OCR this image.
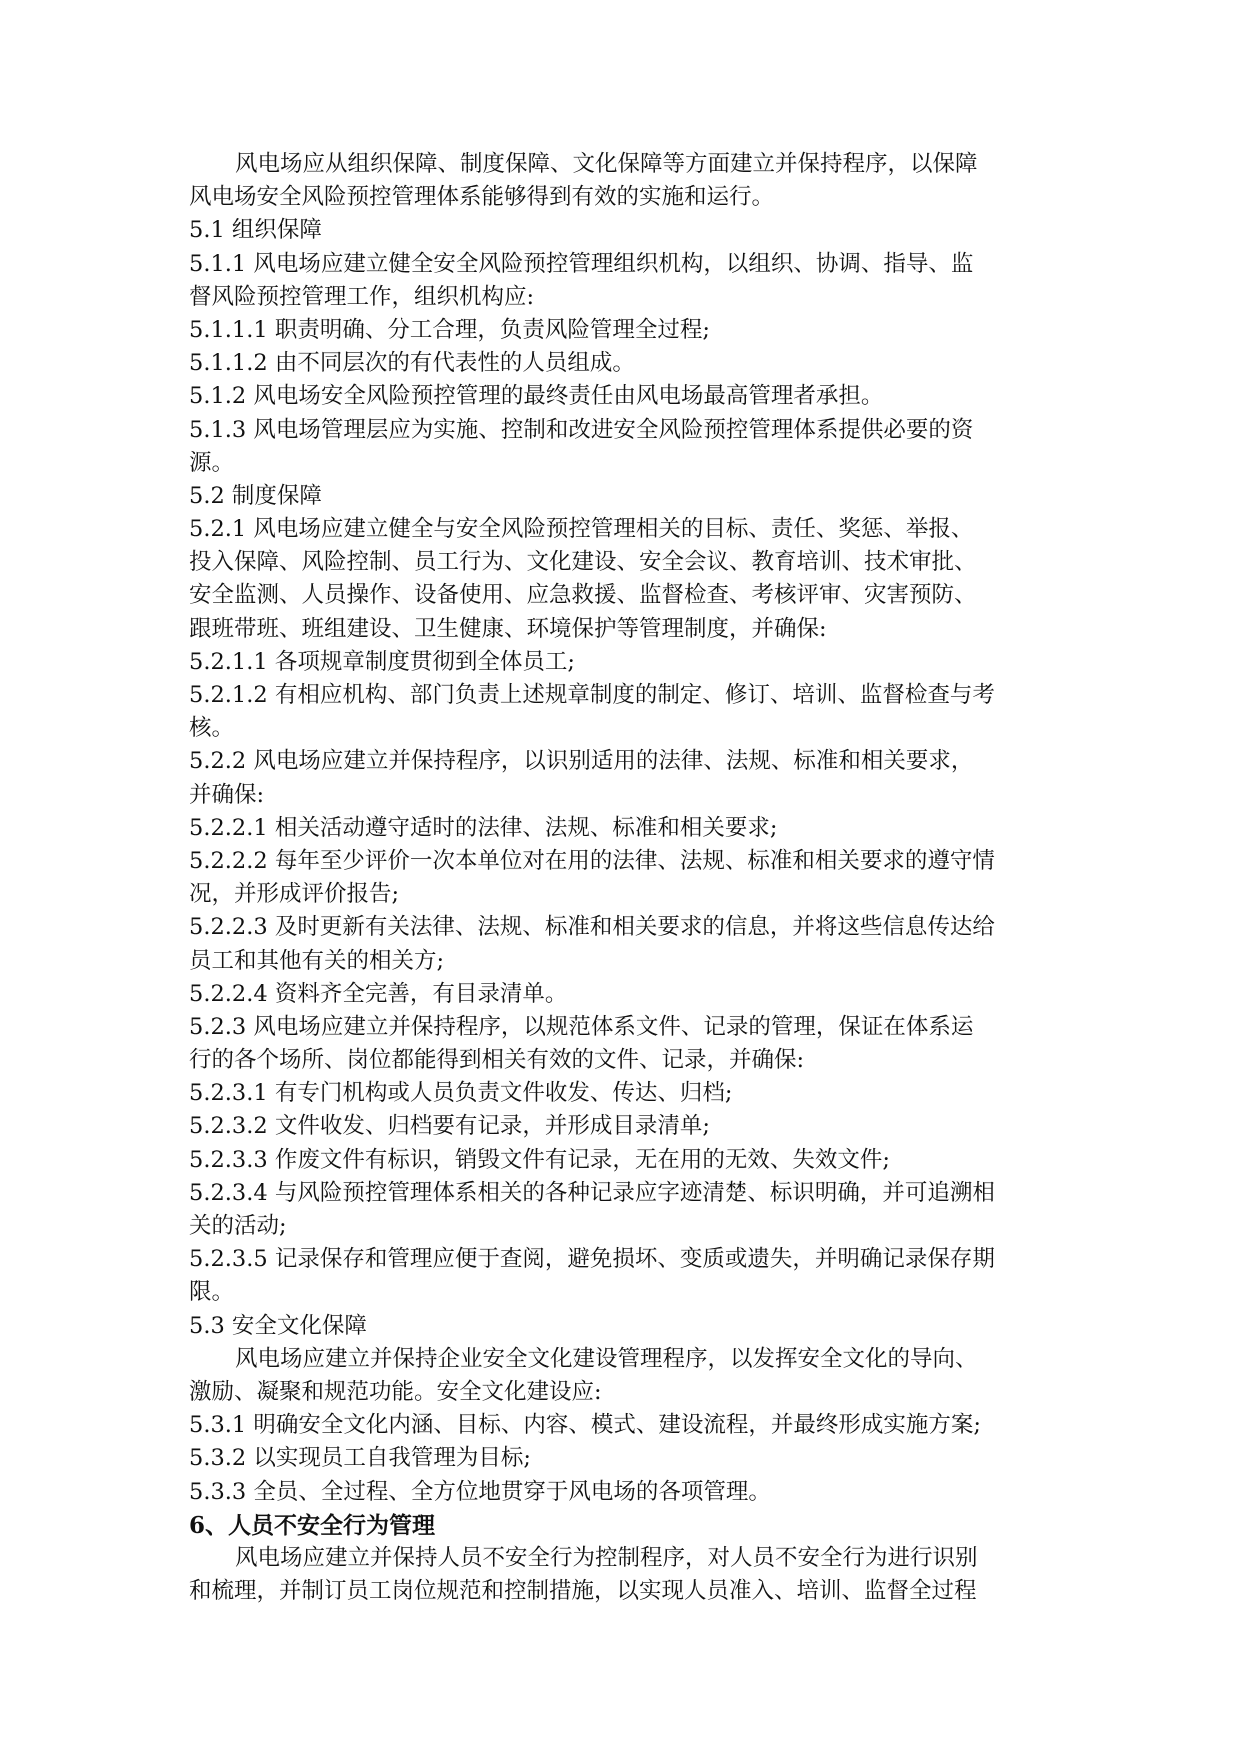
风电场应从组织保障、制度保障、文化保障等方面建立并保持程序，以保障
风电场安全风险预控管理体系能够得到有效的实施和运行。
5.1 组织保障
5.1.1 风电场应建立健全安全风险预控管理组织机构，以组织、协调、指导、监
督风险预控管理工作，组织机构应:
5.1.1.1 职责明确、分工合理，负责风险管理全过程;
5.1.1.2 由不同层次的有代表性的人员组成。
5.1.2 风电场安全风险预控管理的最终责任由风电场最高管理者承担。
5.1.3 风电场管理层应为实施、控制和改进安全风险预控管理体系提供必要的资
源。
5.2 制度保障
5.2.1 风电场应建立健全与安全风险预控管理相关的目标、责任、奖惩、举报、
投入保障、风险控制、员工行为、文化建设、安全会议、教育培训、技术审批、
安全监测、人员操作、设备使用、应急救援、监督检查、考核评审、灾害预防、
跟班带班、班组建设、卫生健康、环境保护等管理制度，并确保:
5.2.1.1 各项规章制度贯彻到全体员工;
5.2.1.2 有相应机构、部门负责上述规章制度的制定、修订、培训、监督检查与考
核。
5.2.2 风电场应建立并保持程序，以识别适用的法律、法规、标准和相关要求，
并确保:
5.2.2.1 相关活动遵守适时的法律、法规、标准和相关要求;
5.2.2.2 每年至少评价一次本单位对在用的法律、法规、标准和相关要求的遵守情
况，并形成评价报告;
5.2.2.3 及时更新有关法律、法规、标准和相关要求的信息，并将这些信息传达给
员工和其他有关的相关方;
5.2.2.4 资料齐全完善，有目录清单。
5.2.3 风电场应建立并保持程序，以规范体系文件、记录的管理，保证在体系运
行的各个场所、岗位都能得到相关有效的文件、记录，并确保:
5.2.3.1 有专门机构或人员负责文件收发、传达、归档;
5.2.3.2 文件收发、归档要有记录，并形成目录清单;
5.2.3.3 作废文件有标识，销毁文件有记录，无在用的无效、失效文件;
5.2.3.4 与风险预控管理体系相关的各种记录应字迹清楚、标识明确，并可追溯相
关的活动;
5.2.3.5 记录保存和管理应便于查阅，避免损坏、变质或遗失，并明确记录保存期
限。
5.3 安全文化保障
风电场应建立并保持企业安全文化建设管理程序，以发挥安全文化的导向、
激励、凝聚和规范功能。安全文化建设应:
5.3.1 明确安全文化内涵、目标、内容、模式、建设流程，并最终形成实施方案;
5.3.2 以实现员工自我管理为目标;
5.3.3 全员、全过程、全方位地贯穿于风电场的各项管理。
6、人员不安全行为管理
风电场应建立并保持人员不安全行为控制程序，对人员不安全行为进行识别
和梳理，并制订员工岗位规范和控制措施，以实现人员准入、培训、监督全过程
